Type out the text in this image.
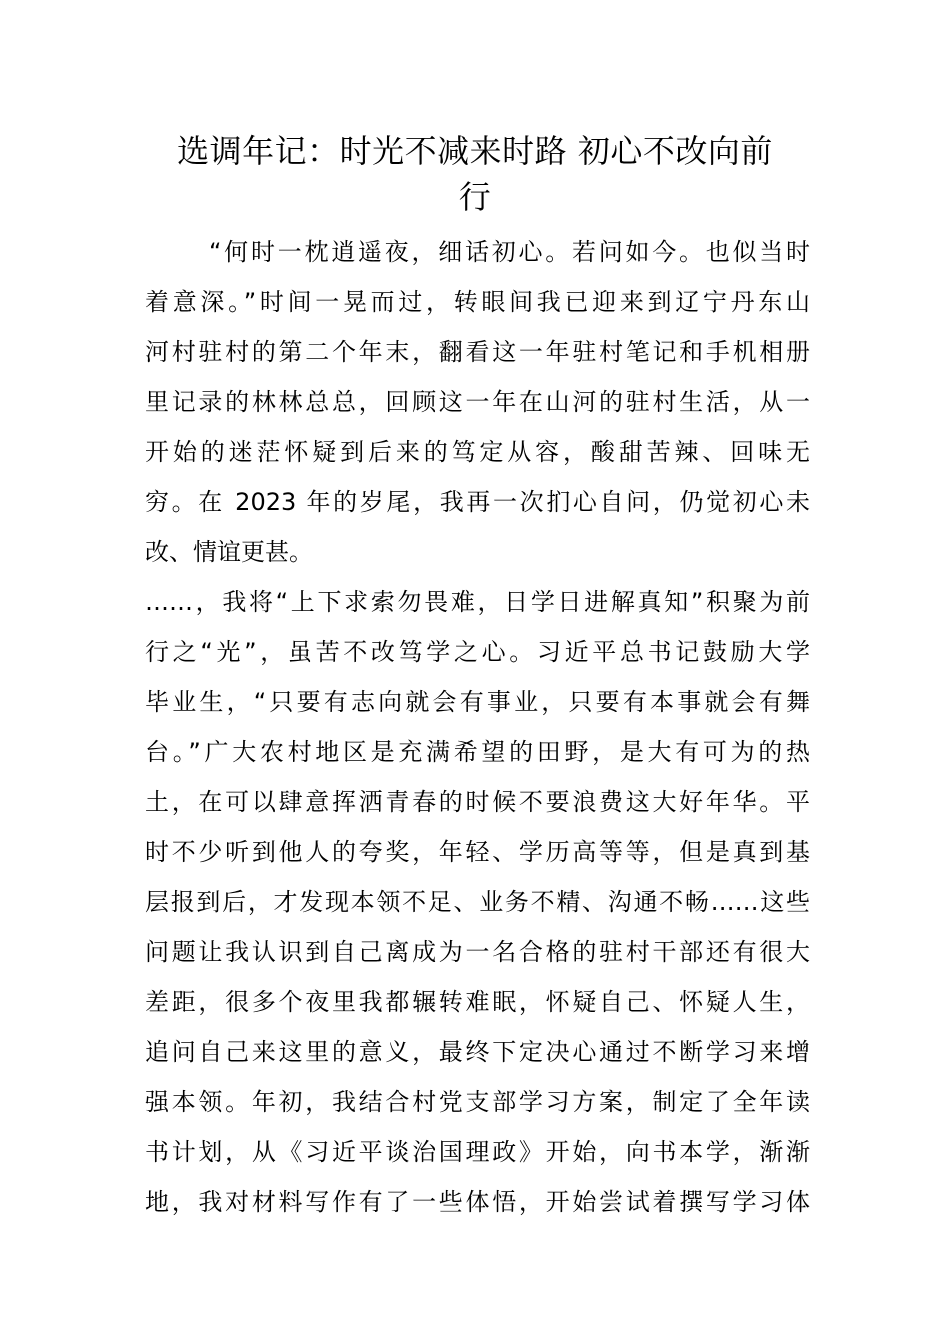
选调年记：时光不减来时路 初心不改向前
行
“何时一枕逍遥夜，细话初心。若问如今。也似当时
着意深。”时间一晃而过，转眼间我已迎来到辽宁丹东山
河村驻村的第二个年末，翻看这一年驻村笔记和手机相册
里记录的林林总总，回顾这一年在山河的驻村生活，从一
开始的迷茫怀疑到后来的笃定从容，酸甜苦辣、回味无
穷。在 2023 年的岁尾，我再一次扪心自问，仍觉初心未
改、情谊更甚。
……，我将“上下求索勿畏难，日学日进解真知”积聚为前
行之“光”，虽苦不改笃学之心。习近平总书记鼓励大学
毕业生，“只要有志向就会有事业，只要有本事就会有舞
台。”广大农村地区是充满希望的田野，是大有可为的热
土，在可以肆意挥洒青春的时候不要浪费这大好年华。平
时不少听到他人的夸奖，年轻、学历高等等，但是真到基
层报到后，才发现本领不足、业务不精、沟通不畅……这些
问题让我认识到自己离成为一名合格的驻村干部还有很大
差距，很多个夜里我都辗转难眠，怀疑自己、怀疑人生，
追问自己来这里的意义，最终下定决心通过不断学习来增
强本领。年初，我结合村党支部学习方案，制定了全年读
书计划，从《习近平谈治国理政》开始，向书本学，渐渐
地，我对材料写作有了一些体悟，开始尝试着撰写学习体
